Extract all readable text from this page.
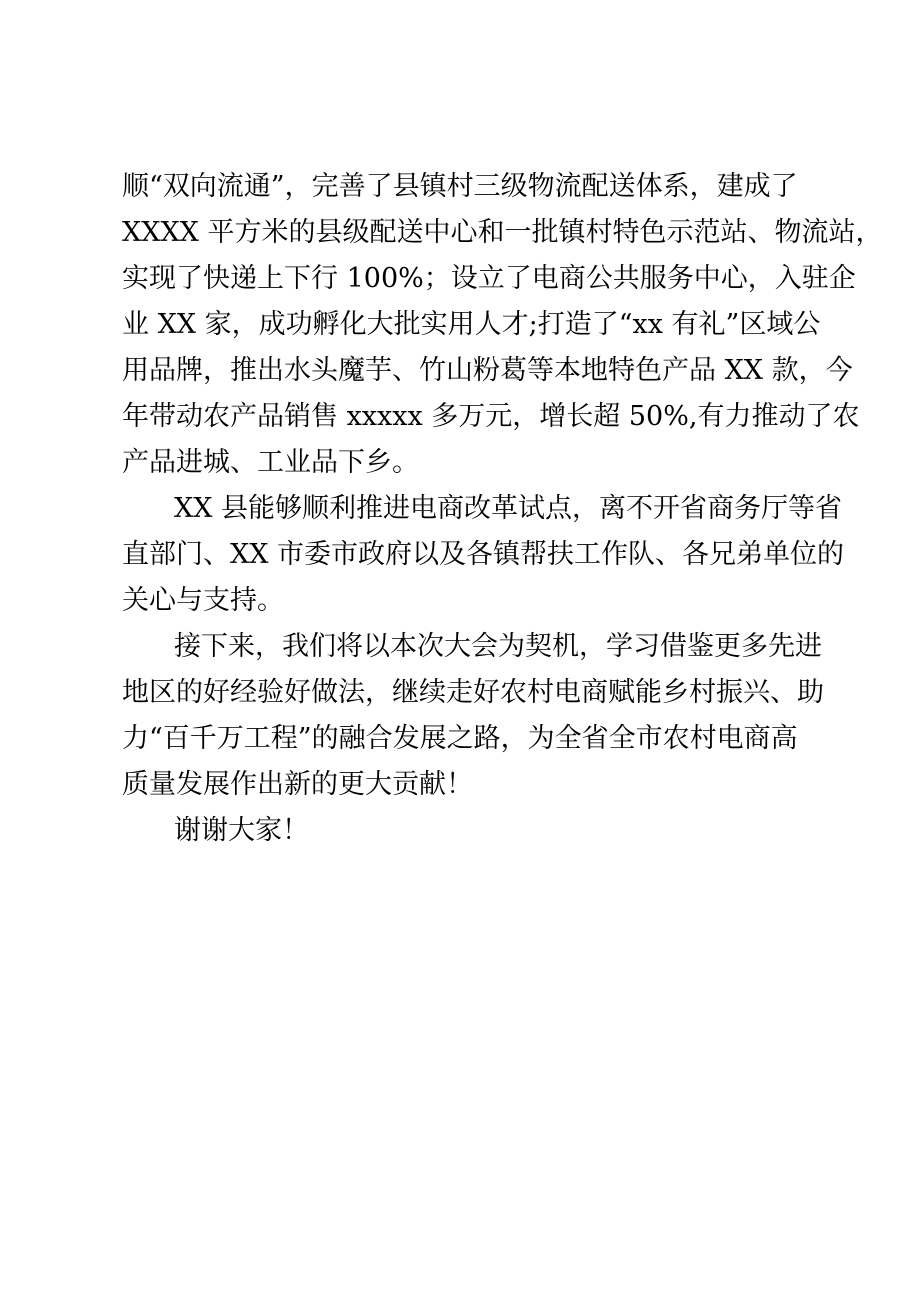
顺“双向流通”，完善了县镇村三级物流配送体系，建成了
XXXX 平方米的县级配送中心和一批镇村特色示范站、物流站，
实现了快递上下行 100%；设立了电商公共服务中心，入驻企
业 XX 家，成功孵化大批实用人才;打造了“xx 有礼”区域公
用品牌，推出水头魔芋、竹山粉葛等本地特色产品 XX 款，今
年带动农产品销售 xxxxx 多万元，增长超 50%,有力推动了农
产品进城、工业品下乡。
XX 县能够顺利推进电商改革试点，离不开省商务厅等省
直部门、XX 市委市政府以及各镇帮扶工作队、各兄弟单位的
关心与支持。
接下来，我们将以本次大会为契机，学习借鉴更多先进
地区的好经验好做法，继续走好农村电商赋能乡村振兴、助
力“百千万工程”的融合发展之路，为全省全市农村电商高
质量发展作出新的更大贡献！
谢谢大家！
